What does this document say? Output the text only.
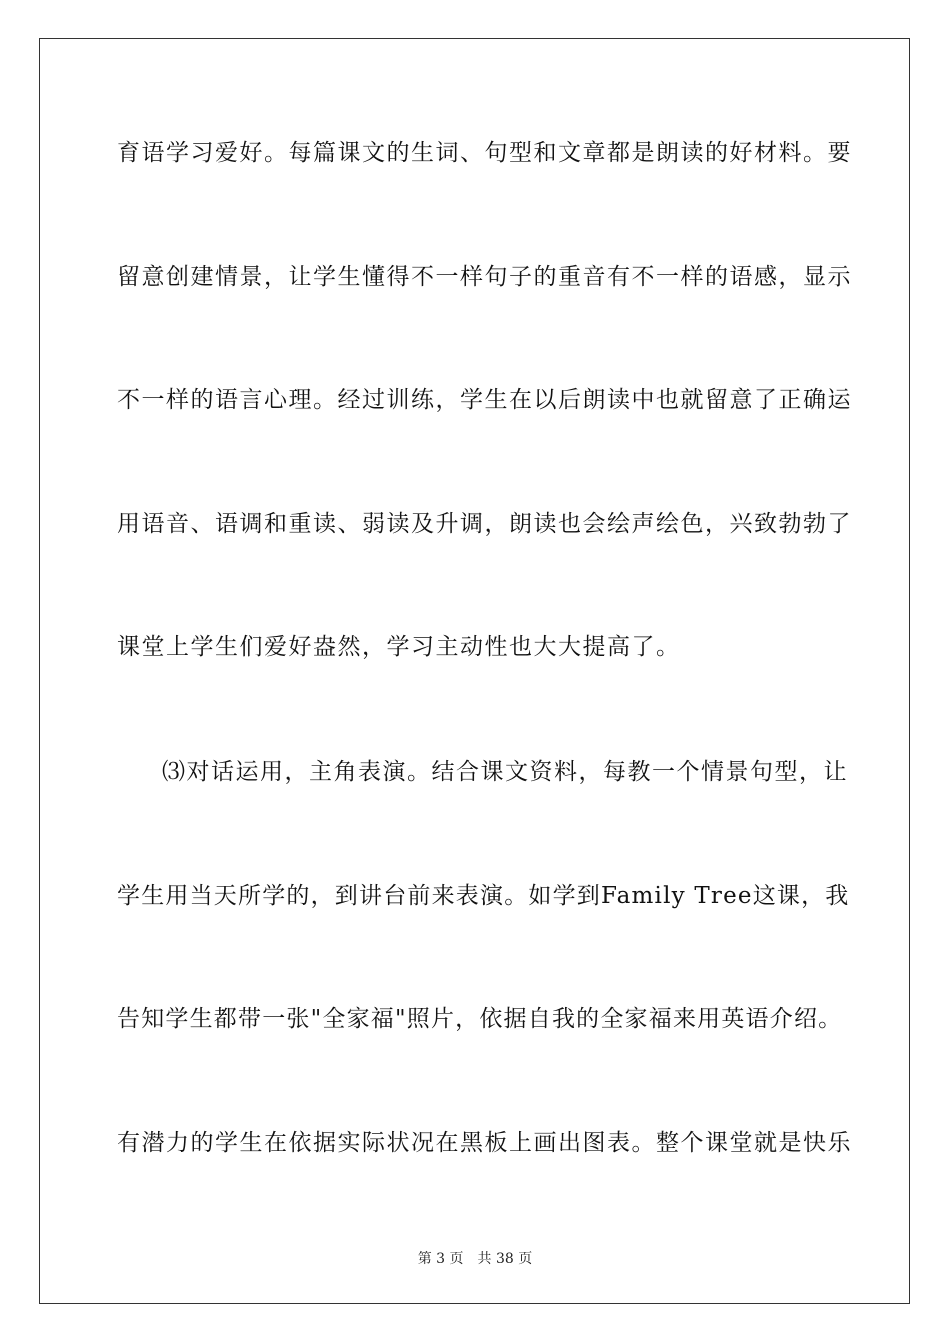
育语学习爱好。每篇课文的生词、句型和文章都是朗读的好材料。要
留意创建情景，让学生懂得不一样句子的重音有不一样的语感，显示
不一样的语言心理。经过训练，学生在以后朗读中也就留意了正确运
用语音、语调和重读、弱读及升调，朗读也会绘声绘色，兴致勃勃了
课堂上学生们爱好盎然，学习主动性也大大提高了。
⑶对话运用，主角表演。结合课文资料，每教一个情景句型，让
学生用当天所学的，到讲台前来表演。如学到Family Tree这课，我
告知学生都带一张"全家福"照片，依据自我的全家福来用英语介绍。
有潜力的学生在依据实际状况在黑板上画出图表。整个课堂就是快乐
第 3 页 共 38 页
